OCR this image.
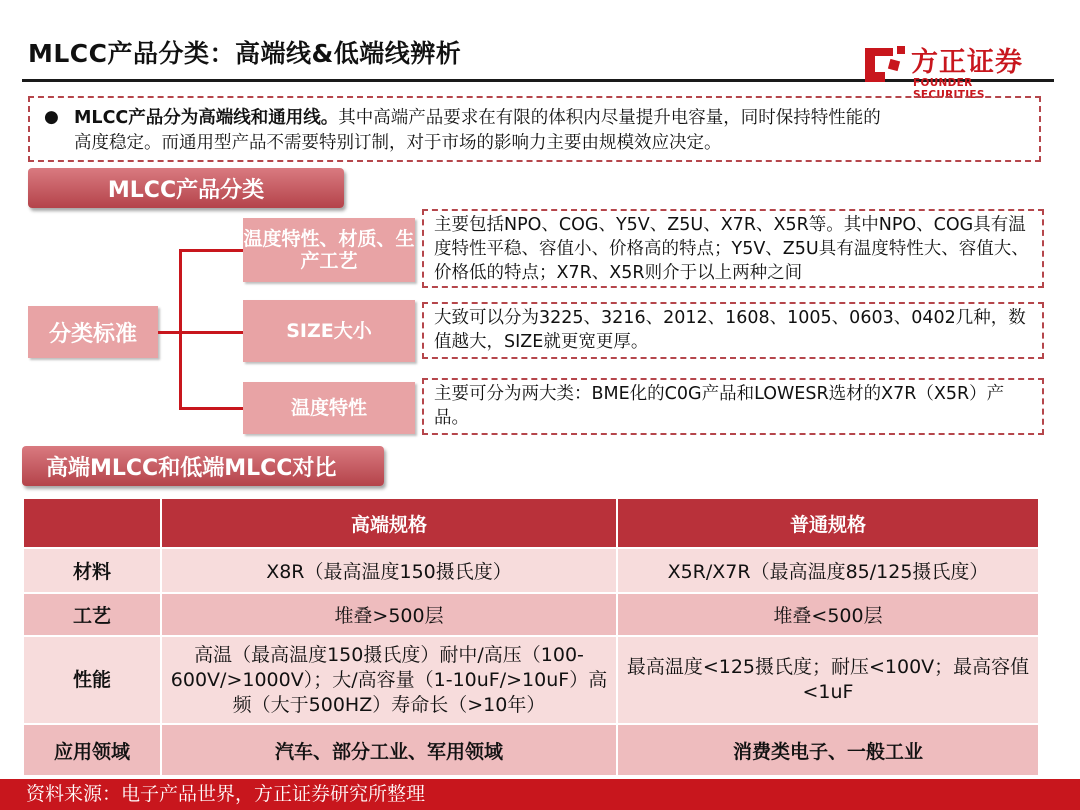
MLCC产品分类：高端线&低端线辨析	方正证券
FOUNDER SECURITIES
● MLCC产品分为高端线和通用线。其中高端产品要求在有限的体积内尽量提升电容量，同时保持特性能的
高度稳定。而通用型产品不需要特别订制，对于市场的影响力主要由规模效应决定。
MLCC产品分类
分类标准
温度特性、材质、生产工艺
SIZE大小
温度特性
主要包括NPO、COG、Y5V、Z5U、X7R、X5R等。其中NPO、COG具有温度特性平稳、容值小、价格高的特点；Y5V、Z5U具有温度特性大、容值大、价格低的特点；X7R、X5R则介于以上两种之间
大致可以分为3225、3216、2012、1608、1005、0603、0402几种，数值越大，SIZE就更宽更厚。
主要可分为两大类：BME化的C0G产品和LOWESR选材的X7R（X5R）产品。
高端MLCC和低端MLCC对比
	高端规格	普通规格
材料	X8R（最高温度150摄氏度）	X5R/X7R（最高温度85/125摄氏度）
工艺	堆叠>500层	堆叠<500层
性能	高温（最高温度150摄氏度）耐中/高压（100-600V/>1000V）；大/高容量（1-10uF/>10uF）高频（大于500HZ）寿命长（>10年）	最高温度<125摄氏度；耐压<100V；最高容值<1uF
应用领域	汽车、部分工业、军用领域	消费类电子、一般工业
资料来源：电子产品世界，方正证券研究所整理
